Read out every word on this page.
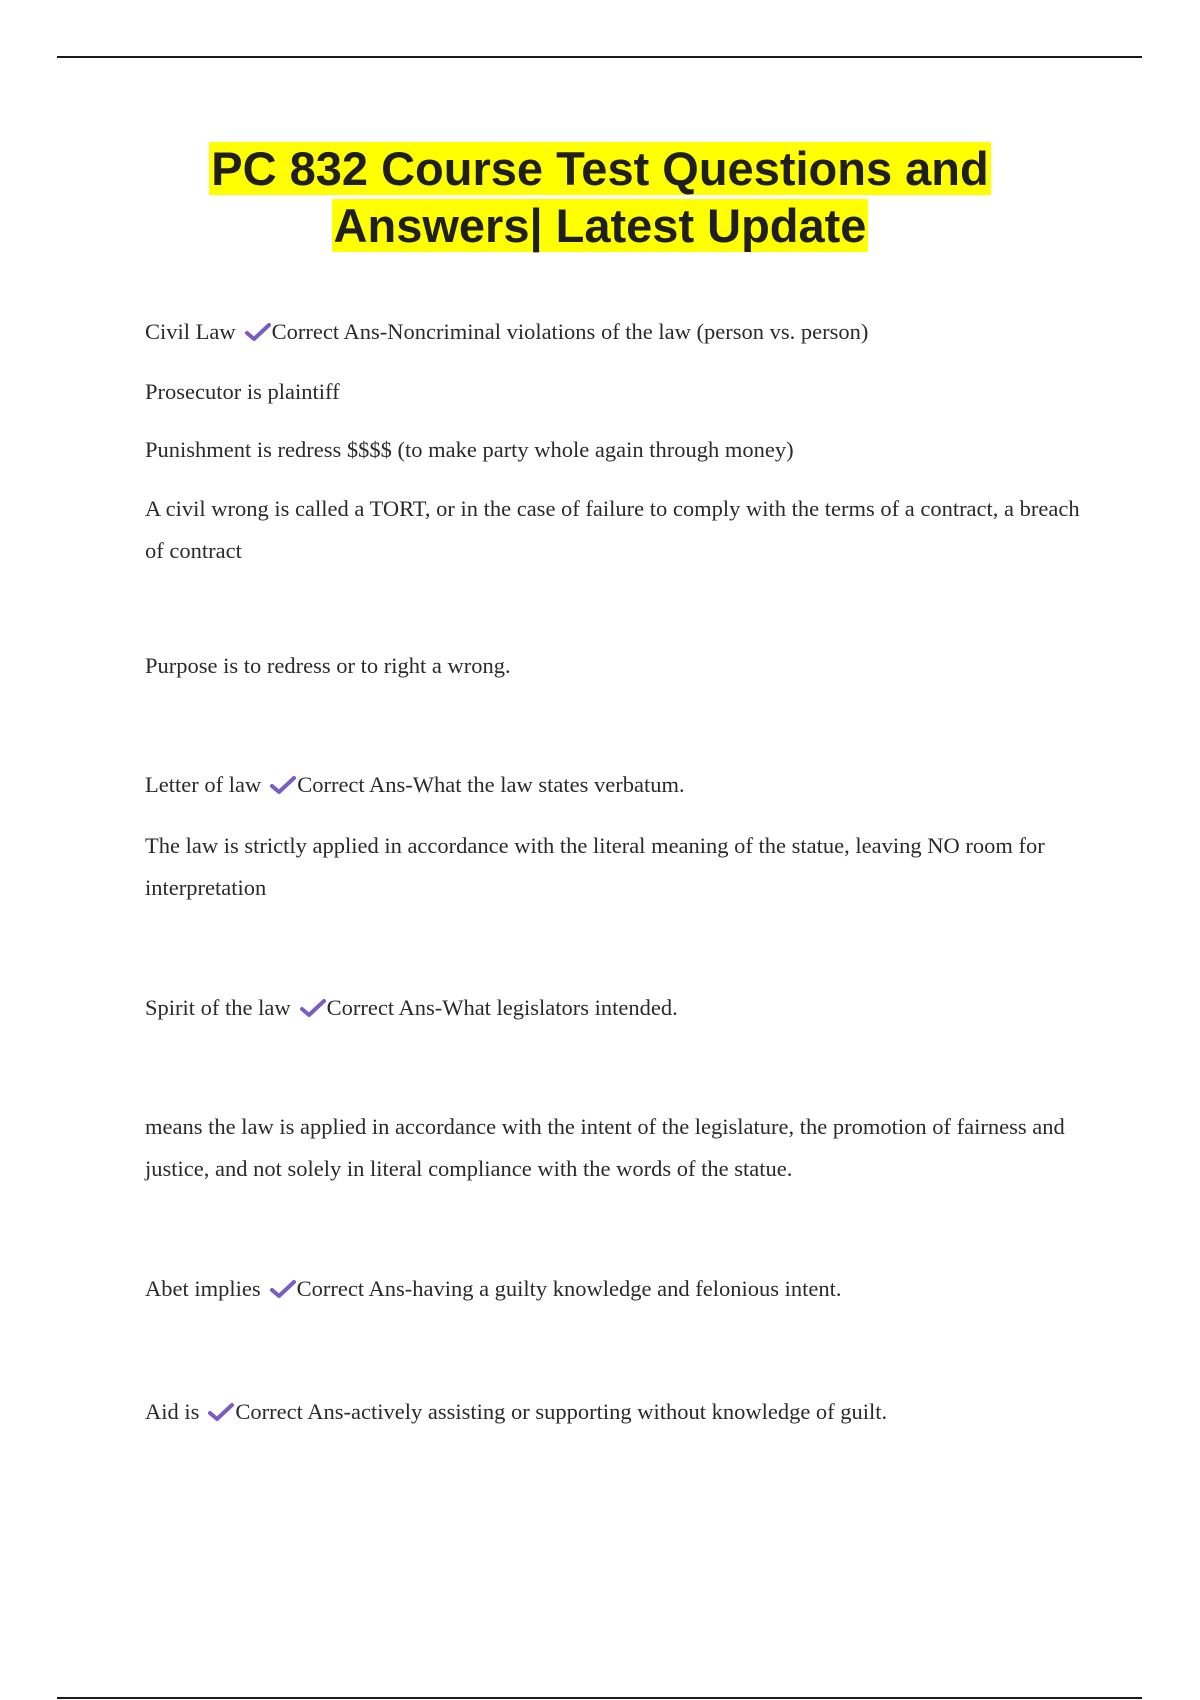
PC 832 Course Test Questions and
Answers| Latest Update
Civil Law Correct Ans-Noncriminal violations of the law (person vs. person)
Prosecutor is plaintiff
Punishment is redress $$$$ (to make party whole again through money)
A civil wrong is called a TORT, or in the case of failure to comply with the terms of a contract, a breach of contract
Purpose is to redress or to right a wrong.
Letter of law Correct Ans-What the law states verbatum.
The law is strictly applied in accordance with the literal meaning of the statue, leaving NO room for interpretation
Spirit of the law Correct Ans-What legislators intended.
means the law is applied in accordance with the intent of the legislature, the promotion of fairness and justice, and not solely in literal compliance with the words of the statue.
Abet implies Correct Ans-having a guilty knowledge and felonious intent.
Aid is Correct Ans-actively assisting or supporting without knowledge of guilt.
